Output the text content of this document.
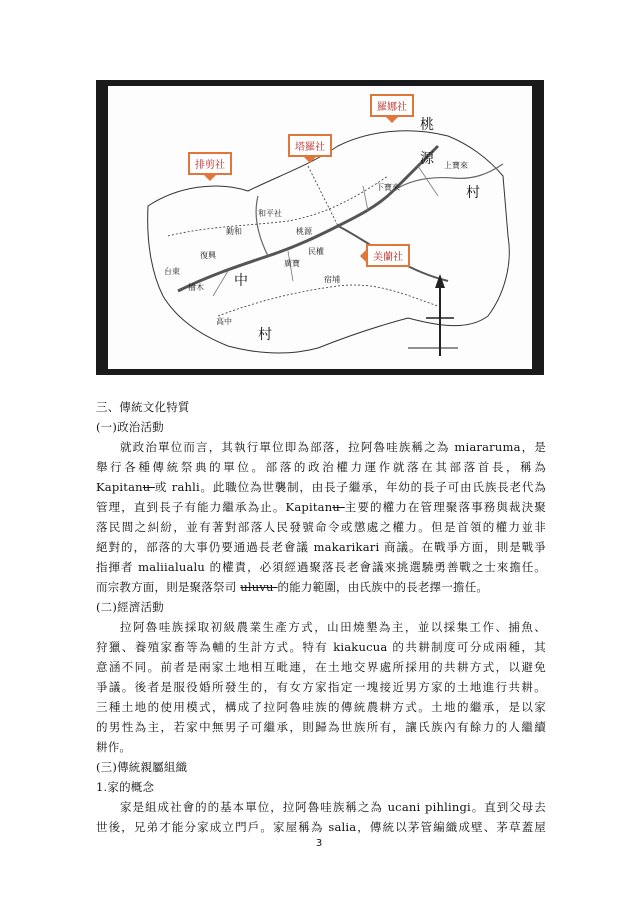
羅娜社
排剪社
塔羅社
美蘭社
桃
源
村
中
村
上寶來
高中
和平社
勤和
復興
桃源
廣寶
民權
檜木
宿埔
台東
下寶來
三、傳統文化特質
(一)政治活動
就政治單位而言，其執行單位即為部落，拉阿魯哇族稱之為 miararuma，是
舉行各種傳統祭典的單位。部落的政治權力運作就落在其部落首長，稱為
Kapitanu 或 rahli。此職位為世襲制，由長子繼承，年幼的長子可由氏族長老代為
管理，直到長子有能力繼承為止。Kapitanu 主要的權力在管理聚落事務與裁決聚
落民間之糾紛，並有著對部落人民發號命令或懲處之權力。但是首領的權力並非
絕對的，部落的大事仍要通過長老會議 makarikari 商議。在戰爭方面，則是戰爭
指揮者 maliialualu 的權責，必須經過聚落長老會議來挑選驍勇善戰之士來擔任。
而宗教方面，則是聚落祭司 uluvu 的能力範圍，由氏族中的長老擇一擔任。
(二)經濟活動
拉阿魯哇族採取初級農業生產方式，山田燒墾為主，並以採集工作、捕魚、
狩獵、養殖家畜等為輔的生計方式。特有 kiakucua 的共耕制度可分成兩種，其
意涵不同。前者是兩家土地相互毗連，在土地交界處所採用的共耕方式，以避免
爭議。後者是服役婚所發生的，有女方家指定一塊接近男方家的土地進行共耕。
三種土地的使用模式，構成了拉阿魯哇族的傳統農耕方式。土地的繼承，是以家
的男性為主，若家中無男子可繼承，則歸為世族所有，讓氏族內有餘力的人繼續
耕作。
(三)傳統親屬組織
1.家的概念
家是組成社會的的基本單位，拉阿魯哇族稱之為 ucani pihlingi。直到父母去
世後，兄弟才能分家成立門戶。家屋稱為 salia，傳統以茅管編織成壁、茅草蓋屋
3
